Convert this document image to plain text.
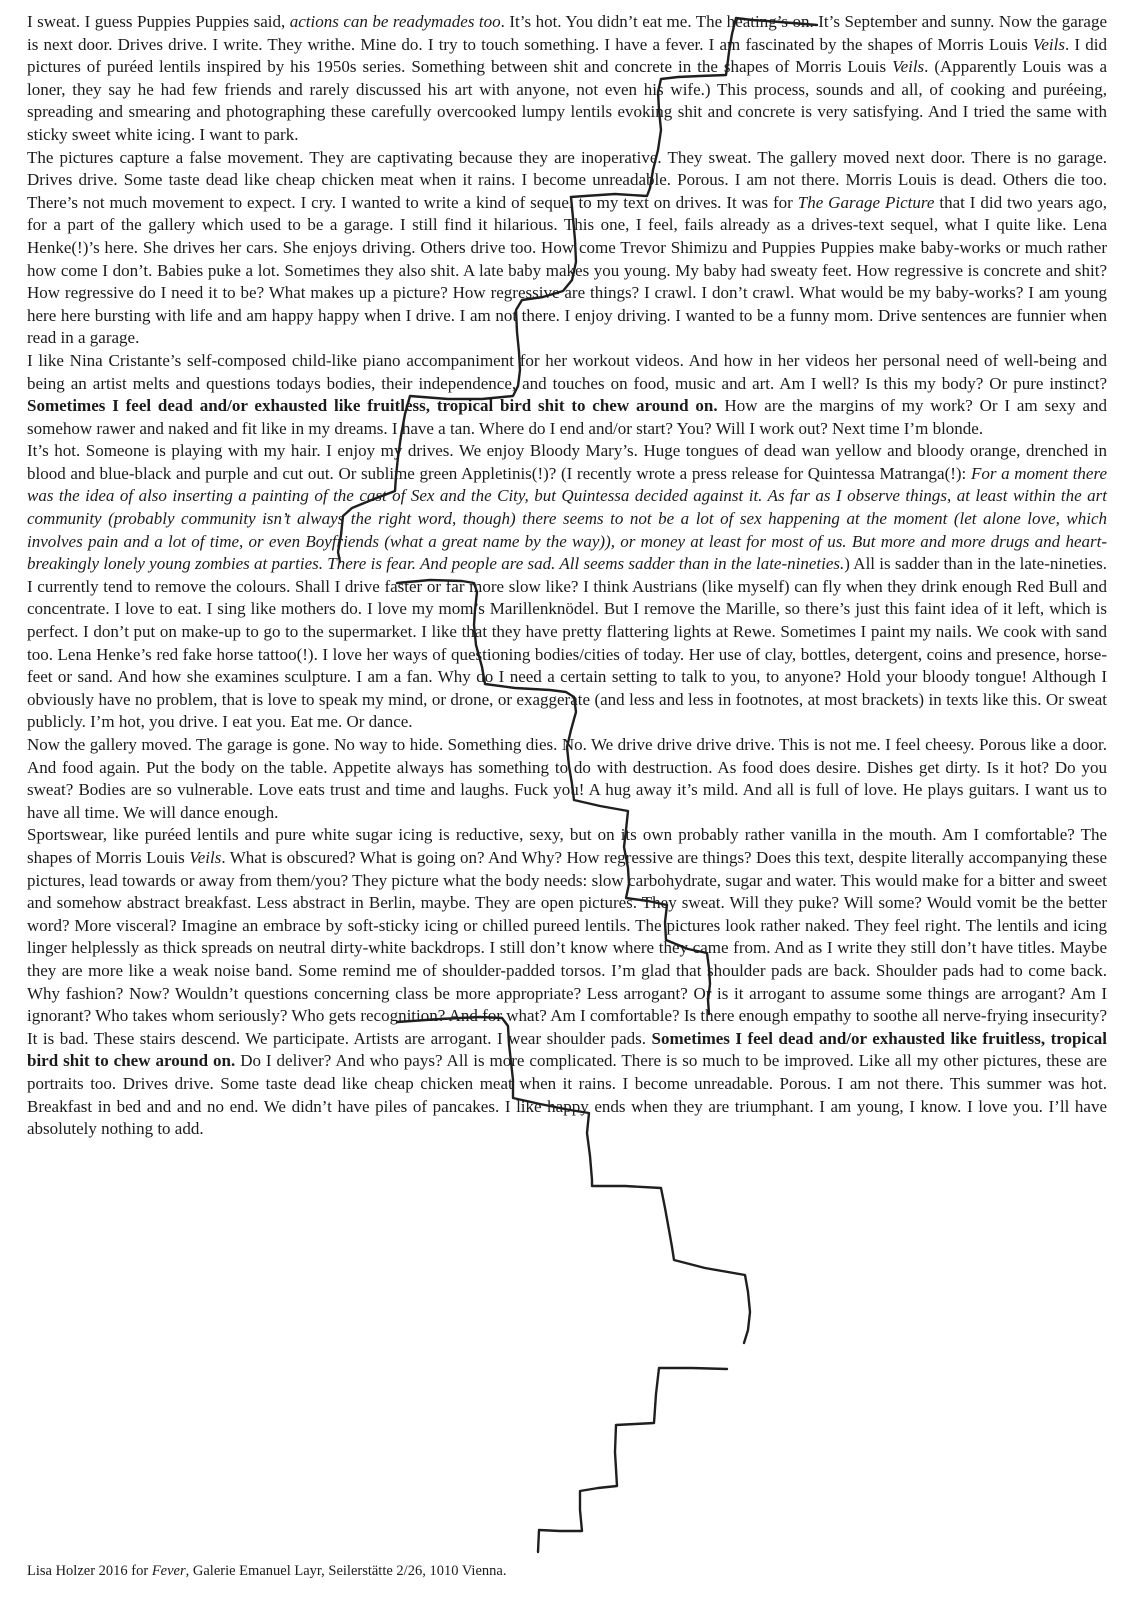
I sweat. I guess Puppies Puppies said, actions can be readymades too. It’s hot. You didn’t eat me. The heating’s on. It’s September and sunny. Now the garage is next door. Drives drive. I write. They writhe. Mine do. I try to touch something. I have a fever. I am fascinated by the shapes of Morris Louis Veils. I did pictures of puréed lentils inspired by his 1950s series. Something between shit and concrete in the shapes of Morris Louis Veils. (Apparently Louis was a loner, they say he had few friends and rarely discussed his art with anyone, not even his wife.) This process, sounds and all, of cooking and puréeing, spreading and smearing and photographing these carefully overcooked lumpy lentils evoking shit and concrete is very satisfying. And I tried the same with sticky sweet white icing. I want to park.

The pictures capture a false movement. They are captivating because they are inoperative. They sweat. The gallery moved next door. There is no garage. Drives drive. Some taste dead like cheap chicken meat when it rains. I become unreadable. Porous. I am not there. Morris Louis is dead. Others die too. There’s not much movement to expect. I cry. I wanted to write a kind of sequel to my text on drives. It was for The Garage Picture that I did two years ago, for a part of the gallery which used to be a garage. I still find it hilarious. This one, I feel, fails already as a drives-text sequel, what I quite like. Lena Henke(!)’s here. She drives her cars. She enjoys driving. Others drive too. How come Trevor Shimizu and Puppies Puppies make baby-works or much rather how come I don’t. Babies puke a lot. Sometimes they also shit. A late baby makes you young. My baby had sweaty feet. How regressive is concrete and shit? How regressive do I need it to be? What makes up a picture? How regressive are things? I crawl. I don’t crawl. What would be my baby-works? I am young here here bursting with life and am happy happy when I drive. I am not there. I enjoy driving. I wanted to be a funny mom. Drive sentences are funnier when read in a garage.

I like Nina Cristante’s self-composed child-like piano accompaniment for her workout videos. And how in her videos her personal need of well-being and being an artist melts and questions todays bodies, their independence, and touches on food, music and art. Am I well? Is this my body? Or pure instinct? Sometimes I feel dead and/or exhausted like fruitless, tropical bird shit to chew around on. How are the margins of my work? Or I am sexy and somehow rawer and naked and fit like in my dreams. I have a tan. Where do I end and/or start? You? Will I work out? Next time I’m blonde.

It’s hot. Someone is playing with my hair. I enjoy my drives. We enjoy Bloody Mary’s. Huge tongues of dead wan yellow and bloody orange, drenched in blood and blue-black and purple and cut out. Or sublime green Appletinis(!)? (I recently wrote a press release for Quintessa Matranga(!): For a moment there was the idea of also inserting a painting of the cast of Sex and the City, but Quintessa decided against it. As far as I observe things, at least within the art community (probably community isn’t always the right word, though) there seems to not be a lot of sex happening at the moment (let alone love, which involves pain and a lot of time, or even Boyfriends (what a great name by the way)), or money at least for most of us. But more and more drugs and heart-breakingly lonely young zombies at parties. There is fear. And people are sad. All seems sadder than in the late-nineties.) All is sadder than in the late-nineties. I currently tend to remove the colours. Shall I drive faster or far more slow like? I think Austrians (like myself) can fly when they drink enough Red Bull and concentrate. I love to eat. I sing like mothers do. I love my mom’s Marillenknödel. But I remove the Marille, so there’s just this faint idea of it left, which is perfect. I don’t put on make-up to go to the supermarket. I like that they have pretty flattering lights at Rewe. Sometimes I paint my nails. We cook with sand too. Lena Henke’s red fake horse tattoo(!). I love her ways of questioning bodies/cities of today. Her use of clay, bottles, detergent, coins and presence, horse-feet or sand. And how she examines sculpture. I am a fan. Why do I need a certain setting to talk to you, to anyone? Hold your bloody tongue! Although I obviously have no problem, that is love to speak my mind, or drone, or exaggerate (and less and less in footnotes, at most brackets) in texts like this. Or sweat publicly. I’m hot, you drive. I eat you. Eat me. Or dance.

Now the gallery moved. The garage is gone. No way to hide. Something dies. No. We drive drive drive drive. This is not me. I feel cheesy. Porous like a door. And food again. Put the body on the table. Appetite always has something to do with destruction. As food does desire. Dishes get dirty. Is it hot? Do you sweat? Bodies are so vulnerable. Love eats trust and time and laughs. Fuck you! A hug away it’s mild. And all is full of love. He plays guitars. I want us to have all time. We will dance enough.

Sportswear, like puréed lentils and pure white sugar icing is reductive, sexy, but on its own probably rather vanilla in the mouth. Am I comfortable? The shapes of Morris Louis Veils. What is obscured? What is going on? And Why? How regressive are things? Does this text, despite literally accompanying these pictures, lead towards or away from them/you? They picture what the body needs: slow carbohydrate, sugar and water. This would make for a bitter and sweet and somehow abstract breakfast. Less abstract in Berlin, maybe. They are open pictures. They sweat. Will they puke? Will some? Would vomit be the better word? More visceral? Imagine an embrace by soft-sticky icing or chilled pureed lentils. The pictures look rather naked. They feel right. The lentils and icing linger helplessly as thick spreads on neutral dirty-white backdrops. I still don’t know where they came from. And as I write they still don’t have titles. Maybe they are more like a weak noise band. Some remind me of shoulder-padded torsos. I’m glad that shoulder pads are back. Shoulder pads had to come back. Why fashion? Now? Wouldn’t questions concerning class be more appropriate? Less arrogant? Or is it arrogant to assume some things are arrogant? Am I ignorant? Who takes whom seriously? Who gets recognition? And for what? Am I comfortable? Is there enough empathy to soothe all nerve-frying insecurity? It is bad. These stairs descend. We participate. Artists are arrogant. I wear shoulder pads. Sometimes I feel dead and/or exhausted like fruitless, tropical bird shit to chew around on. Do I deliver? And who pays? All is more complicated. There is so much to be improved. Like all my other pictures, these are portraits too. Drives drive. Some taste dead like cheap chicken meat when it rains. I become unreadable. Porous. I am not there. This summer was hot. Breakfast in bed and and no end. We didn’t have piles of pancakes. I like happy ends when they are triumphant. I am young, I know. I love you. I’ll have absolutely nothing to add.

Lisa Holzer 2016 for Fever, Galerie Emanuel Layr, Seilerstätte 2/26, 1010 Vienna.
